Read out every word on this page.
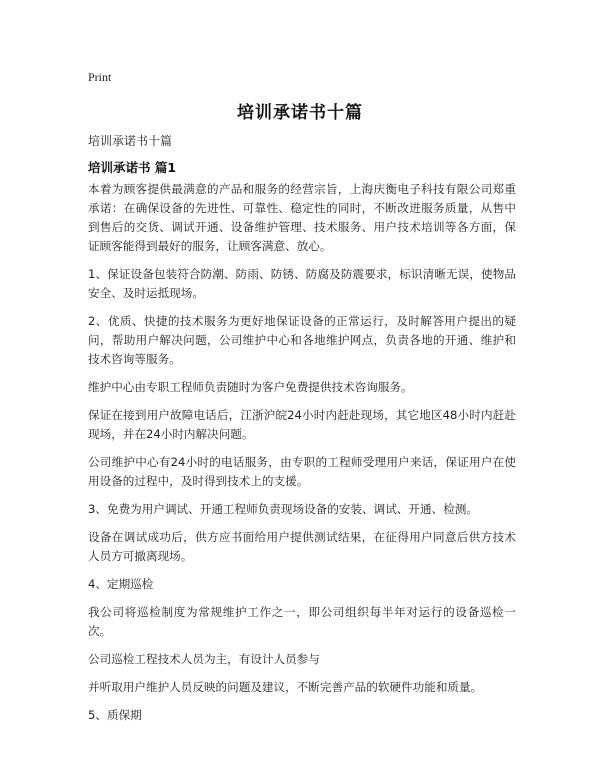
Print
培训承诺书十篇
培训承诺书十篇
培训承诺书 篇1

本着为顾客提供最满意的产品和服务的经营宗旨，上海庆衡电子科技有限公司郑重承诺：在确保设备的先进性、可靠性、稳定性的同时，不断改进服务质量，从售中到售后的交货、调试开通、设备维护管理、技术服务、用户技术培训等各方面，保证顾客能得到最好的服务，让顾客满意、放心。

1、保证设备包装符合防潮、防雨、防锈、防腐及防震要求，标识清晰无误，使物品安全、及时运抵现场。

2、优质、快捷的技术服务为更好地保证设备的正常运行，及时解答用户提出的疑问，帮助用户解决问题，公司维护中心和各地维护网点，负责各地的开通、维护和技术咨询等服务。

维护中心由专职工程师负责随时为客户免费提供技术咨询服务。

保证在接到用户故障电话后，江浙沪皖24小时内赶赴现场，其它地区48小时内赶赴现场，并在24小时内解决问题。

公司维护中心有24小时的电话服务，由专职的工程师受理用户来话，保证用户在使用设备的过程中，及时得到技术上的支援。

3、免费为用户调试、开通工程师负责现场设备的安装、调试、开通、检测。

设备在调试成功后，供方应书面给用户提供测试结果，在征得用户同意后供方技术人员方可撤离现场。

4、定期巡检

我公司将巡检制度为常规维护工作之一，即公司组织每半年对运行的设备巡检一次。

公司巡检工程技术人员为主，有设计人员参与

并听取用户维护人员反映的问题及建议，不断完善产品的软硬件功能和质量。

5、质保期
